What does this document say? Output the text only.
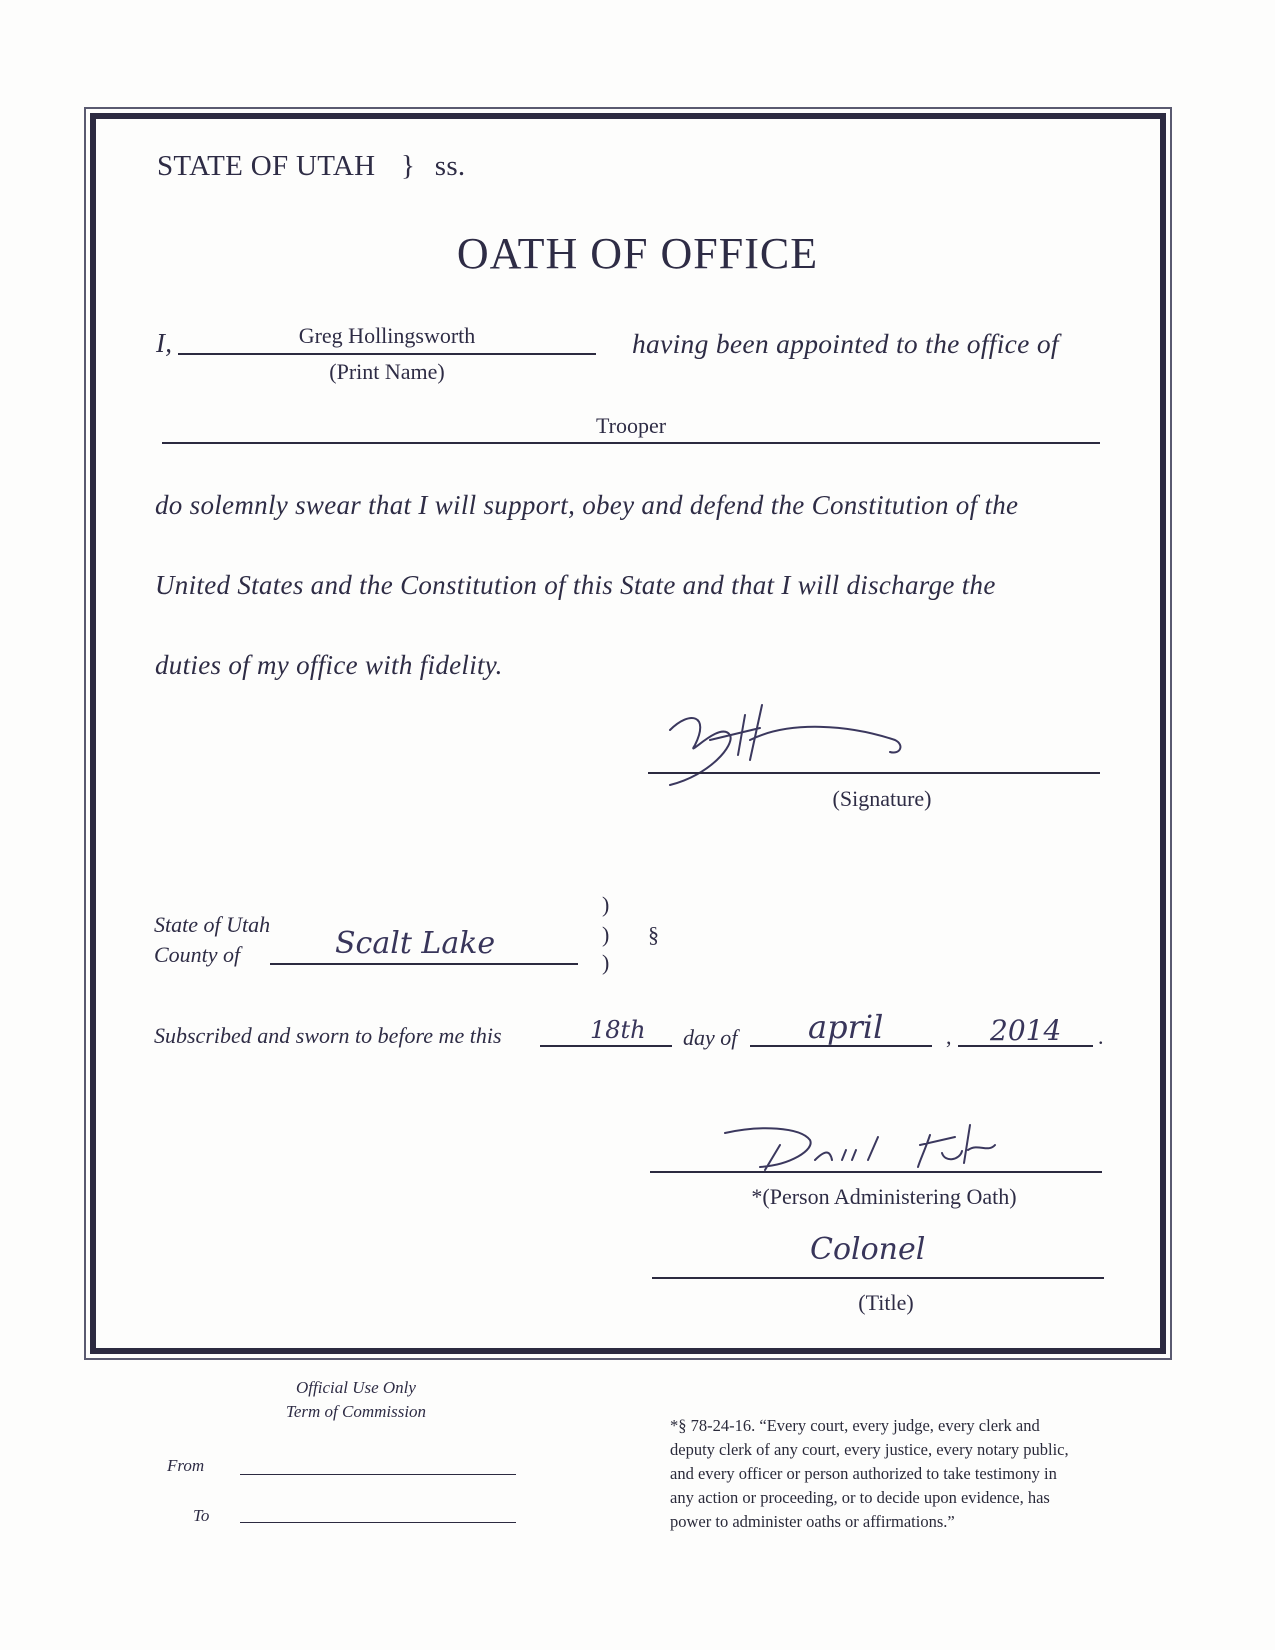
STATE OF UTAH } ss.
OATH OF OFFICE
I,	Greg Hollingsworth
(Print Name)
having been appointed to the office of
Trooper
do solemnly swear that I will support, obey and defend the Constitution of the
United States and the Constitution of this State and that I will discharge the
duties of my office with fidelity.
(Signature)
State of Utah
County of	Scalt Lake
)
)
)
§
Subscribed and sworn to before me this	18th day of april	, 2014 .
*(Person Administering Oath)
Colonel
(Title)
Official Use Only
Term of Commission
From
To
*§ 78-24-16. “Every court, every judge, every clerk and
deputy clerk of any court, every justice, every notary public,
and every officer or person authorized to take testimony in
any action or proceeding, or to decide upon evidence, has
power to administer oaths or affirmations.”
